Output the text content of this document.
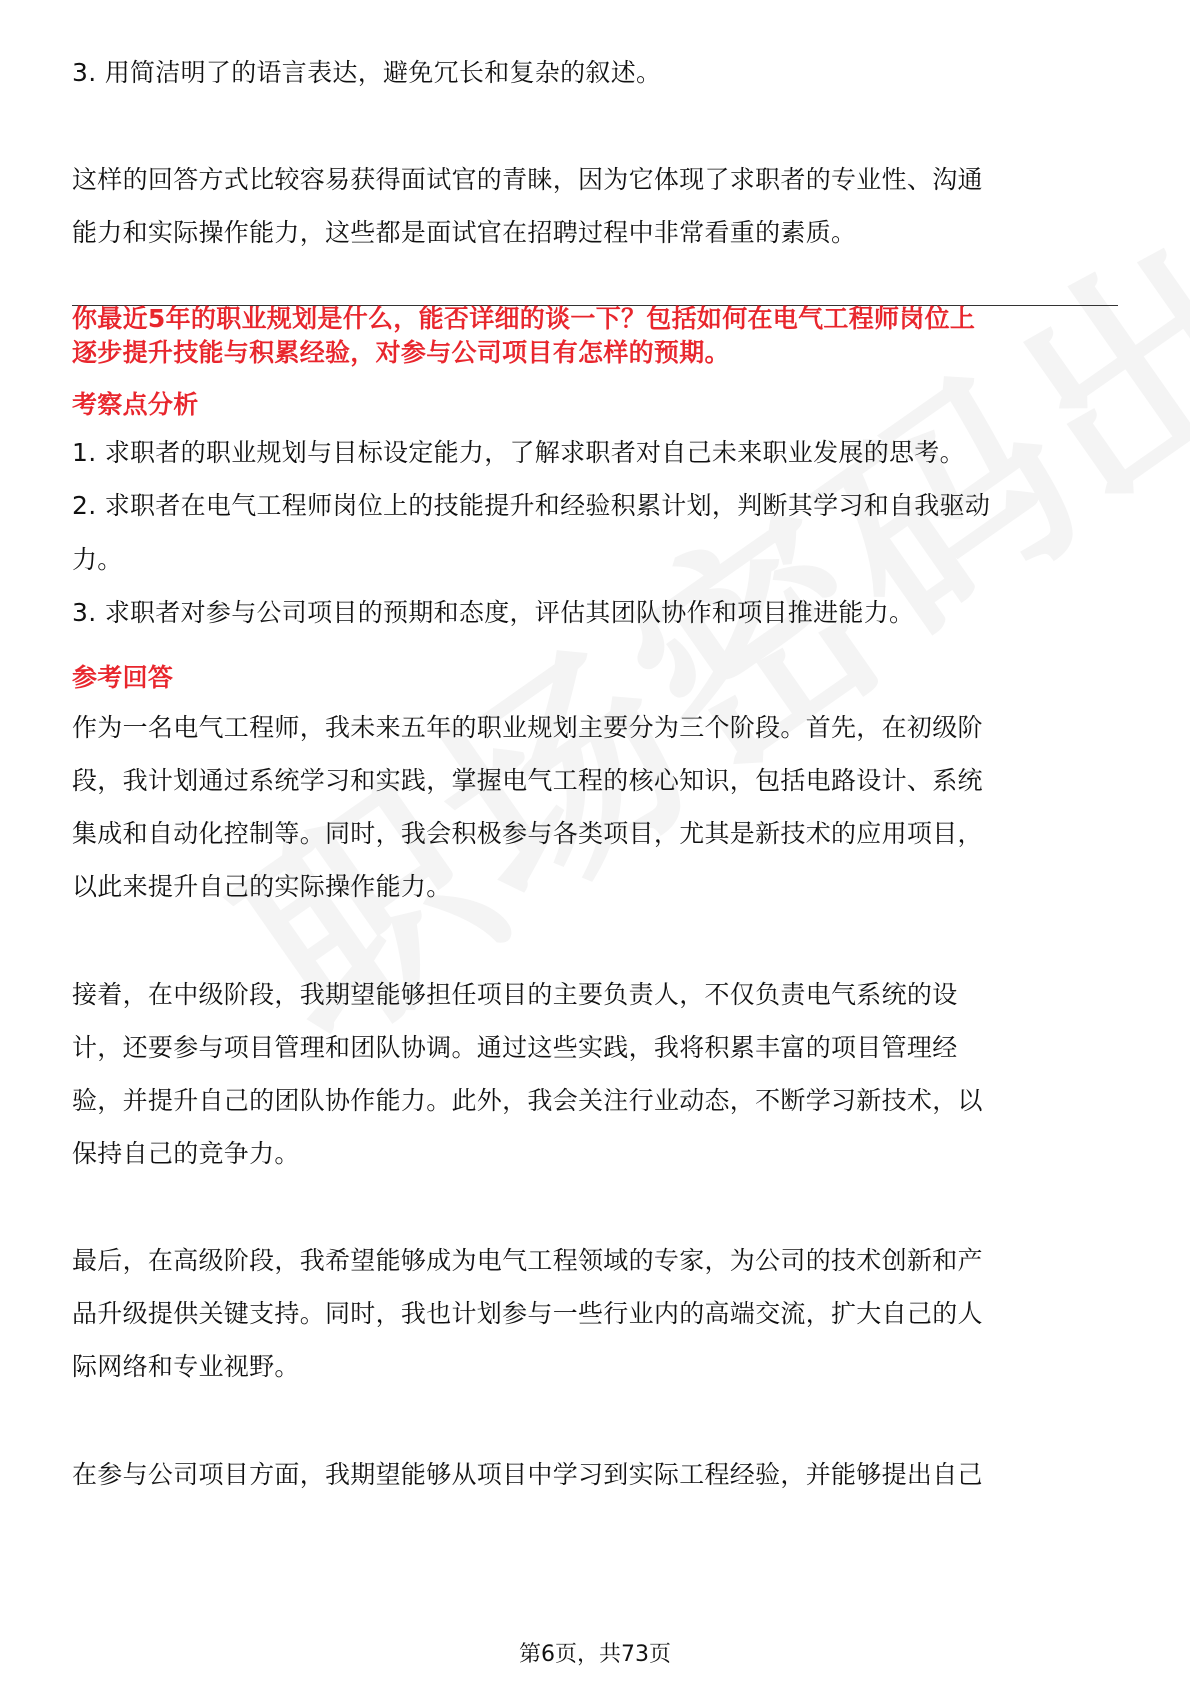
3. 用简洁明了的语言表达，避免冗长和复杂的叙述。

这样的回答方式比较容易获得面试官的青睐，因为它体现了求职者的专业性、沟通

能力和实际操作能力，这些都是面试官在招聘过程中非常看重的素质。

你最近5年的职业规划是什么，能否详细的谈一下？包括如何在电气工程师岗位上

逐步提升技能与积累经验，对参与公司项目有怎样的预期。

考察点分析

1. 求职者的职业规划与目标设定能力，了解求职者对自己未来职业发展的思考。

2. 求职者在电气工程师岗位上的技能提升和经验积累计划，判断其学习和自我驱动

力。

3. 求职者对参与公司项目的预期和态度，评估其团队协作和项目推进能力。

参考回答

作为一名电气工程师，我未来五年的职业规划主要分为三个阶段。首先，在初级阶

段，我计划通过系统学习和实践，掌握电气工程的核心知识，包括电路设计、系统

集成和自动化控制等。同时，我会积极参与各类项目，尤其是新技术的应用项目，

以此来提升自己的实际操作能力。

接着，在中级阶段，我期望能够担任项目的主要负责人，不仅负责电气系统的设

计，还要参与项目管理和团队协调。通过这些实践，我将积累丰富的项目管理经

验，并提升自己的团队协作能力。此外，我会关注行业动态，不断学习新技术，以

保持自己的竞争力。

最后，在高级阶段，我希望能够成为电气工程领域的专家，为公司的技术创新和产

品升级提供关键支持。同时，我也计划参与一些行业内的高端交流，扩大自己的人

际网络和专业视野。

在参与公司项目方面，我期望能够从项目中学习到实际工程经验，并能够提出自己

第6页，共73页
